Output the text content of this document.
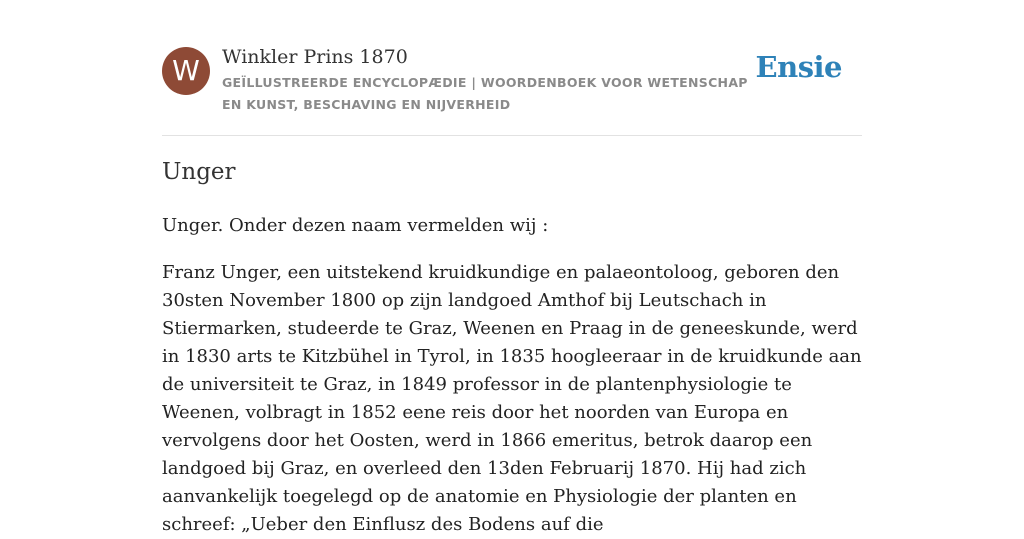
W	Winkler Prins 1870
GEÏLLUSTREERDE ENCYCLOPÆDIE | WOORDENBOEK VOOR WETENSCHAP EN KUNST, BESCHAVING EN NIJVERHEID
Ensie
Unger

Unger. Onder dezen naam vermelden wij :

Franz Unger, een uitstekend kruidkundige en palaeontoloog, geboren den 30sten November 1800 op zijn landgoed Amthof bij Leutschach in Stiermarken, studeerde te Graz, Weenen en Praag in de geneeskunde, werd in 1830 arts te Kitzbühel in Tyrol, in 1835 hoogleeraar in de kruidkunde aan de universiteit te Graz, in 1849 professor in de plantenphysiologie te Weenen, volbragt in 1852 eene reis door het noorden van Europa en vervolgens door het Oosten, werd in 1866 emeritus, betrok daarop een landgoed bij Graz, en overleed den 13den Februarij 1870. Hij had zich aanvankelijk toegelegd op de anatomie en Physiologie der planten en schreef: „Ueber den Einflusz des Bodens auf die
